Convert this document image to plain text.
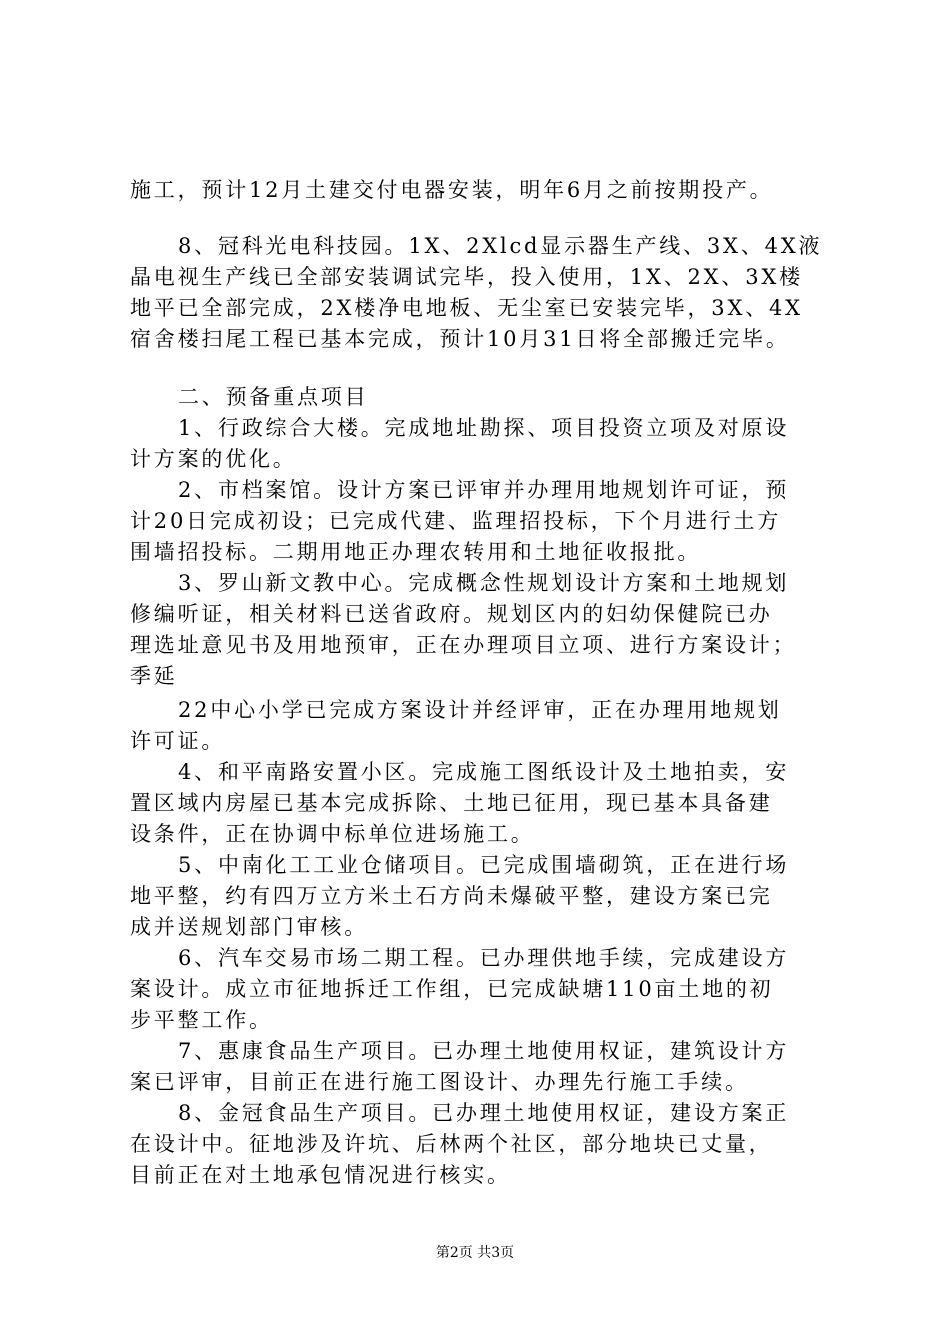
施工，预计12月土建交付电器安装，明年6月之前按期投产。
8、冠科光电科技园。1X、2Xlcd显示器生产线、3X、4X液
晶电视生产线已全部安装调试完毕，投入使用，1X、2X、3X楼
地平已全部完成，2X楼净电地板、无尘室已安装完毕，3X、4X
宿舍楼扫尾工程已基本完成，预计10月31日将全部搬迁完毕。
二、预备重点项目
1、行政综合大楼。完成地址勘探、项目投资立项及对原设
计方案的优化。
2、市档案馆。设计方案已评审并办理用地规划许可证，预
计20日完成初设；已完成代建、监理招投标，下个月进行土方
围墙招投标。二期用地正办理农转用和土地征收报批。
3、罗山新文教中心。完成概念性规划设计方案和土地规划
修编听证，相关材料已送省政府。规划区内的妇幼保健院已办
理选址意见书及用地预审，正在办理项目立项、进行方案设计；
季延
22中心小学已完成方案设计并经评审，正在办理用地规划
许可证。
4、和平南路安置小区。完成施工图纸设计及土地拍卖，安
置区域内房屋已基本完成拆除、土地已征用，现已基本具备建
设条件，正在协调中标单位进场施工。
5、中南化工工业仓储项目。已完成围墙砌筑，正在进行场
地平整，约有四万立方米土石方尚未爆破平整，建设方案已完
成并送规划部门审核。
6、汽车交易市场二期工程。已办理供地手续，完成建设方
案设计。成立市征地拆迁工作组，已完成缺塘110亩土地的初
步平整工作。
7、惠康食品生产项目。已办理土地使用权证，建筑设计方
案已评审，目前正在进行施工图设计、办理先行施工手续。
8、金冠食品生产项目。已办理土地使用权证，建设方案正
在设计中。征地涉及许坑、后林两个社区，部分地块已丈量，
目前正在对土地承包情况进行核实。
第2页 共3页
